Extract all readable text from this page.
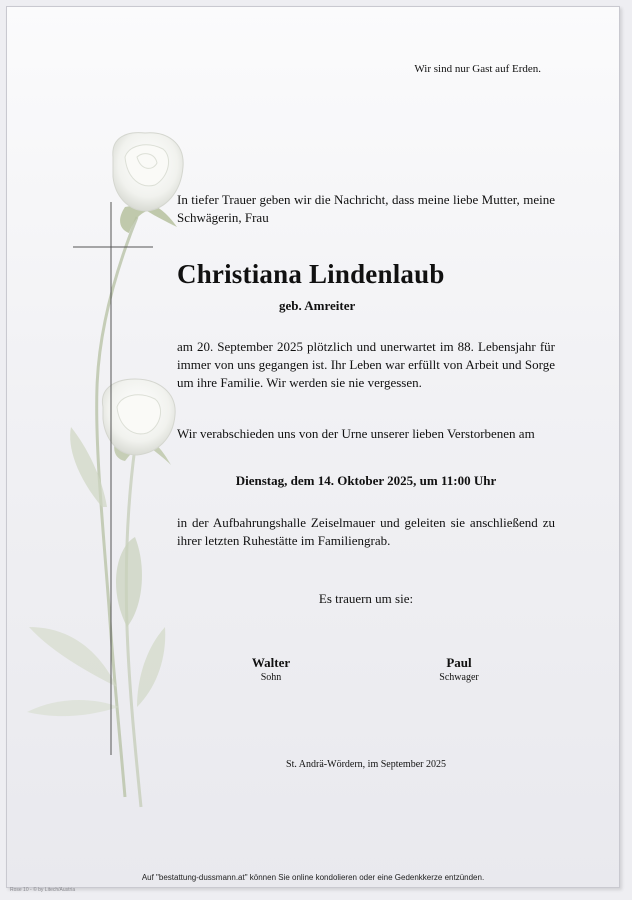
Wir sind nur Gast auf Erden.

In tiefer Trauer geben wir die Nachricht, dass meine liebe Mutter, meine Schwägerin, Frau

Christiana Lindenlaub

geb. Amreiter

am 20. September 2025 plötzlich und unerwartet im 88. Lebensjahr für immer von uns gegangen ist. Ihr Leben war erfüllt von Arbeit und Sorge um ihre Familie. Wir werden sie nie vergessen.

Wir verabschieden uns von der Urne unserer lieben Verstorbenen am

Dienstag, dem 14. Oktober 2025, um 11:00 Uhr

in der Aufbahrungshalle Zeiselmauer und geleiten sie anschließend zu ihrer letzten Ruhestätte im Familiengrab.

Es trauern um sie:

Walter
Sohn
Paul
Schwager

St. Andrä-Wördern, im September 2025

Auf "bestattung-dussmann.at" können Sie online kondolieren oder eine Gedenkkerze entzünden.

Rose 10 - © by Litech/Austria
